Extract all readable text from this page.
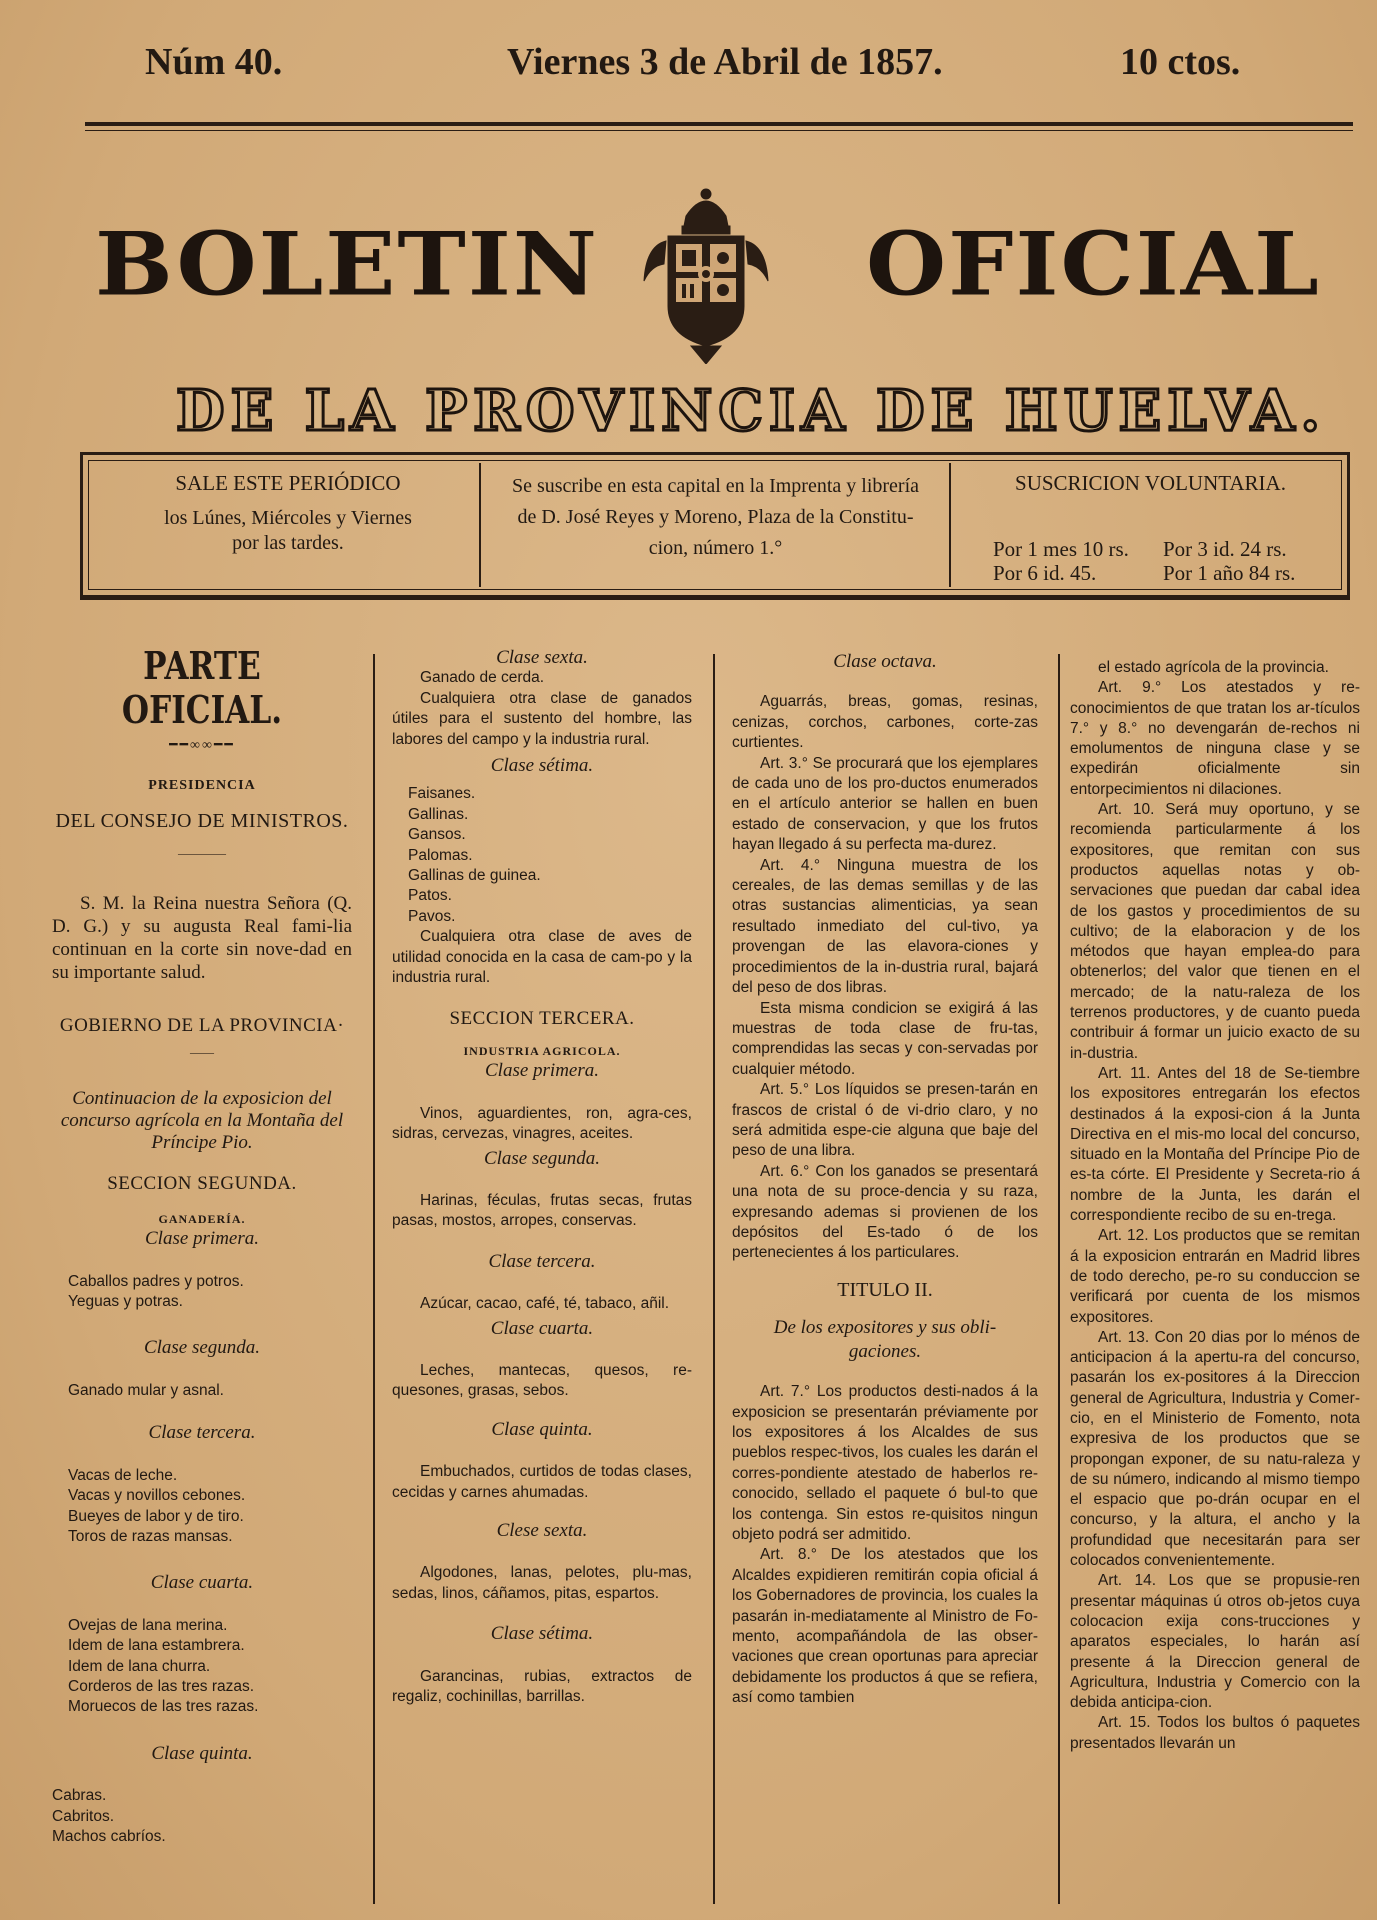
Núm 40.	Viernes 3 de Abril de 1857.	10 ctos.
BOLETIN	OFICIAL
DE LA PROVINCIA DE HUELVA.

SALE ESTE PERIÓDICO

los Lúnes, Miércoles y Viernes

por las tardes.

Se suscribe en esta capital en la Imprenta y librería

de D. José Reyes y Moreno, Plaza de la Constitu-

cion, número 1.°

SUSCRICION VOLUNTARIA.

Por 1 mes 10 rs. Por 3 id. 24 rs.
Por 6 id. 45.	Por 1 año 84 rs.

PARTE OFICIAL.

━━∞∞━━

PRESIDENCIA

DEL CONSEJO DE MINISTROS.

————

S. M. la Reina nuestra Señora (Q. D. G.) y su augusta Real fami-lia continuan en la corte sin nove-dad en su importante salud.

GOBIERNO DE LA PROVINCIA·

——

Continuacion de la exposicion del concurso agrícola en la Montaña del Príncipe Pio.

SECCION SEGUNDA.

GANADERÍA.

Clase primera.

Caballos padres y potros.

Yeguas y potras.

Clase segunda.

Ganado mular y asnal.

Clase tercera.

Vacas de leche.

Vacas y novillos cebones.

Bueyes de labor y de tiro.

Toros de razas mansas.

Clase cuarta.

Ovejas de lana merina.

Idem de lana estambrera.

Idem de lana churra.

Corderos de las tres razas.

Moruecos de las tres razas.

Clase quinta.

Cabras.

Cabritos.

Machos cabríos.

Clase sexta.

Ganado de cerda.

Cualquiera otra clase de ganados útiles para el sustento del hombre, las labores del campo y la industria rural.

Clase sétima.

Faisanes.

Gallinas.

Gansos.

Palomas.

Gallinas de guinea.

Patos.

Pavos.

Cualquiera otra clase de aves de utilidad conocida en la casa de cam-po y la industria rural.

SECCION TERCERA.

INDUSTRIA AGRICOLA.

Clase primera.

Vinos, aguardientes, ron, agra-ces, sidras, cervezas, vinagres, aceites.

Clase segunda.

Harinas, féculas, frutas secas, frutas pasas, mostos, arropes, conservas.

Clase tercera.

Azúcar, cacao, café, té, tabaco, añil.

Clase cuarta.

Leches, mantecas, quesos, re-quesones, grasas, sebos.

Clase quinta.

Embuchados, curtidos de todas clases, cecidas y carnes ahumadas.

Clese sexta.

Algodones, lanas, pelotes, plu-mas, sedas, linos, cáñamos, pitas, espartos.

Clase sétima.

Garancinas, rubias, extractos de regaliz, cochinillas, barrillas.

Clase octava.

Aguarrás, breas, gomas, resinas, cenizas, corchos, carbones, corte-zas curtientes.

Art. 3.° Se procurará que los ejemplares de cada uno de los pro-ductos enumerados en el artículo anterior se hallen en buen estado de conservacion, y que los frutos hayan llegado á su perfecta ma-durez.

Art. 4.° Ninguna muestra de los cereales, de las demas semillas y de las otras sustancias alimenticias, ya sean resultado inmediato del cul-tivo, ya provengan de las elavora-ciones y procedimientos de la in-dustria rural, bajará del peso de dos libras.

Esta misma condicion se exigirá á las muestras de toda clase de fru-tas, comprendidas las secas y con-servadas por cualquier método.

Art. 5.° Los líquidos se presen-tarán en frascos de cristal ó de vi-drio claro, y no será admitida espe-cie alguna que baje del peso de una libra.

Art. 6.° Con los ganados se presentará una nota de su proce-dencia y su raza, expresando ademas si provienen de los depósitos del Es-tado ó de los pertenecientes á los particulares.

TITULO II.

De los expositores y sus obli-gaciones.

Art. 7.° Los productos desti-nados á la exposicion se presentarán préviamente por los expositores á los Alcaldes de sus pueblos respec-tivos, los cuales les darán el corres-pondiente atestado de haberlos re-conocido, sellado el paquete ó bul-to que los contenga. Sin estos re-quisitos ningun objeto podrá ser admitido.

Art. 8.° De los atestados que los Alcaldes expidieren remitirán copia oficial á los Gobernadores de provincia, los cuales la pasarán in-mediatamente al Ministro de Fo-mento, acompañándola de las obser-vaciones que crean oportunas para apreciar debidamente los productos á que se refiera, así como tambien

el estado agrícola de la provincia.

Art. 9.° Los atestados y re-conocimientos de que tratan los ar-tículos 7.° y 8.° no devengarán de-rechos ni emolumentos de ninguna clase y se expedirán oficialmente sin entorpecimientos ni dilaciones.

Art. 10. Será muy oportuno, y se recomienda particularmente á los expositores, que remitan con sus productos aquellas notas y ob-servaciones que puedan dar cabal idea de los gastos y procedimientos de su cultivo; de la elaboracion y de los métodos que hayan emplea-do para obtenerlos; del valor que tienen en el mercado; de la natu-raleza de los terrenos productores, y de cuanto pueda contribuir á formar un juicio exacto de su in-dustria.

Art. 11. Antes del 18 de Se-tiembre los expositores entregarán los efectos destinados á la exposi-cion á la Junta Directiva en el mis-mo local del concurso, situado en la Montaña del Príncipe Pio de es-ta córte. El Presidente y Secreta-rio á nombre de la Junta, les darán el correspondiente recibo de su en-trega.

Art. 12. Los productos que se remitan á la exposicion entrarán en Madrid libres de todo derecho, pe-ro su conduccion se verificará por cuenta de los mismos expositores.

Art. 13. Con 20 dias por lo ménos de anticipacion á la apertu-ra del concurso, pasarán los ex-positores á la Direccion general de Agricultura, Industria y Comer-cio, en el Ministerio de Fomento, nota expresiva de los productos que se propongan exponer, de su natu-raleza y de su número, indicando al mismo tiempo el espacio que po-drán ocupar en el concurso, y la altura, el ancho y la profundidad que necesitarán para ser colocados convenientemente.

Art. 14. Los que se propusie-ren presentar máquinas ú otros ob-jetos cuya colocacion exija cons-trucciones y aparatos especiales, lo harán así presente á la Direccion general de Agricultura, Industria y Comercio con la debida anticipa-cion.

Art. 15. Todos los bultos ó paquetes presentados llevarán un
